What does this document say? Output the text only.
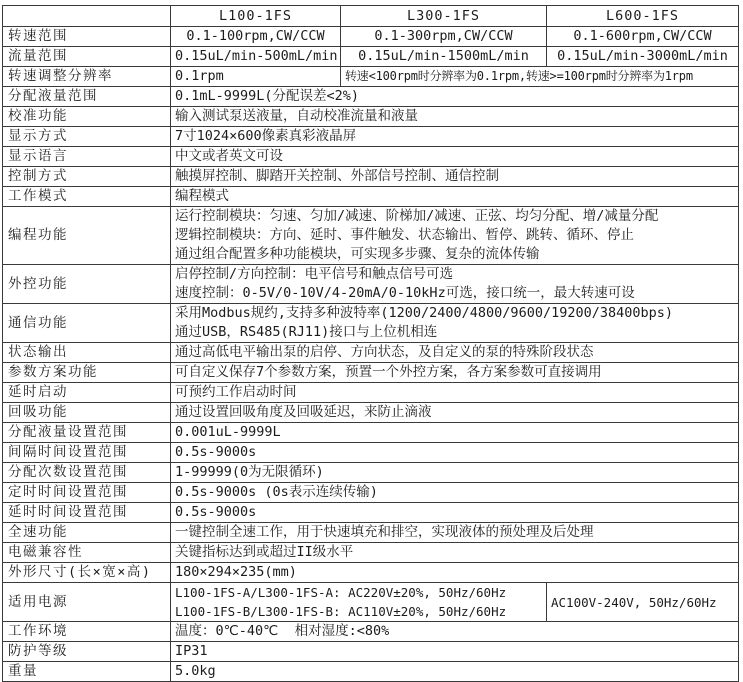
	L100-1FS	L300-1FS	L600-1FS
转速范围	0.1-100rpm,CW/CCW	0.1-300rpm,CW/CCW	0.1-600rpm,CW/CCW
流量范围	0.15uL/min-500mL/min	0.15uL/min-1500mL/min	0.15uL/min-3000mL/min
转速调整分辨率	0.1rpm	转速<100rpm时分辨率为0.1rpm,转速>=100rpm时分辨率为1rpm	
分配液量范围	0.1mL-9999L(分配误差<2%)		
校准功能	输入测试泵送液量，自动校准流量和液量		
显示方式	7寸1024×600像素真彩液晶屏		
显示语言	中文或者英文可设		
控制方式	触摸屏控制、脚踏开关控制、外部信号控制、通信控制		
工作模式	编程模式		
编程功能	运行控制模块：匀速、匀加/减速、阶梯加/减速、正弦、均匀分配、增/减量分配
逻辑控制模块：方向、延时、事件触发、状态输出、暂停、跳转、循环、停止
通过组合配置多种功能模块，可实现多步骤、复杂的流体传输		

外控功能	启停控制/方向控制：电平信号和触点信号可选
速度控制：0-5V/0-10V/4-20mA/0-10kHz可选，接口统一，最大转速可设		

通信功能	采用Modbus规约,支持多种波特率(1200/2400/4800/9600/19200/38400bps)
通过USB，RS485(RJ11)接口与上位机相连		

状态输出	通过高低电平输出泵的启停、方向状态，及自定义的泵的特殊阶段状态		
参数方案功能	可自定义保存7个参数方案，预置一个外控方案，各方案参数可直接调用		
延时启动	可预约工作启动时间		
回吸功能	通过设置回吸角度及回吸延迟，来防止滴液		
分配液量设置范围	0.001uL-9999L		
间隔时间设置范围	0.5s-9000s		
分配次数设置范围	1-99999(0为无限循环)		
定时时间设置范围	0.5s-9000s (0s表示连续传输)		
延时时间设置范围	0.5s-9000s		
全速功能	一键控制全速工作，用于快速填充和排空，实现液体的预处理及后处理		
电磁兼容性	关键指标达到或超过II级水平		
外形尺寸(长×宽×高)	180×294×235(mm)		
适用电源	L100-1FS-A/L300-1FS-A: AC220V±20%, 50Hz/60Hz
L100-1FS-B/L300-1FS-B: AC110V±20%, 50Hz/60Hz		AC100V-240V, 50Hz/60Hz
工作环境	温度：0℃-40℃  相对湿度:<80%		
防护等级	IP31		
重量	5.0kg		
